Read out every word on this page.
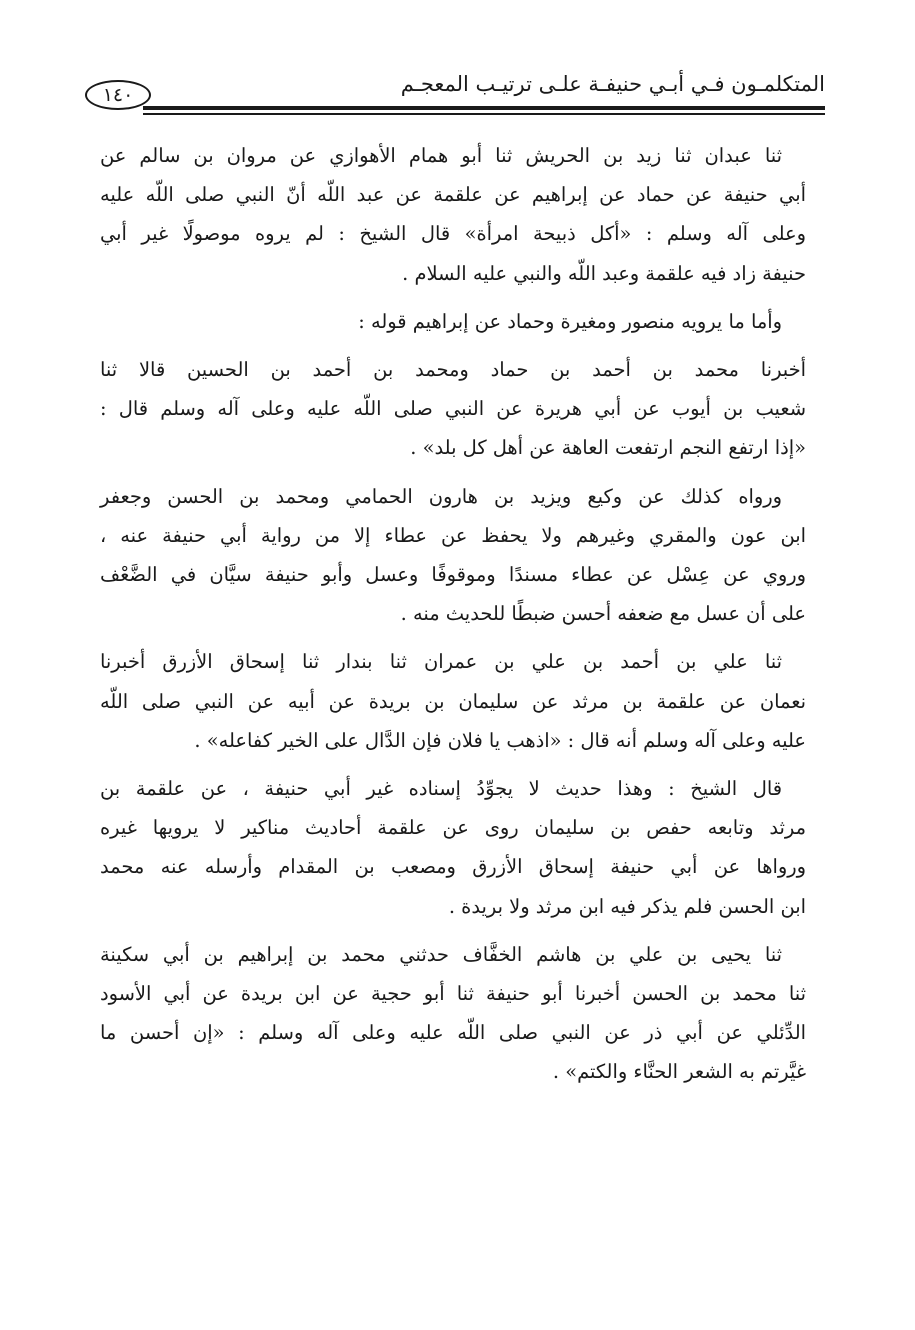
المتكلمـون فـي أبـي حنيفـة علـى ترتيـب المعجـم
١٤٠
ثنا عبدان ثنا زيد بن الحريش ثنا أبو همام الأهوازي عن مروان بن سالم عن
أبي حنيفة عن حماد عن إبراهيم عن علقمة عن عبد اللّه أنّ النبي صلى اللّه عليه
وعلى آله وسلم : «أكل ذبيحة امرأة» قال الشيخ : لم يروه موصولًا غير أبي
حنيفة زاد فيه علقمة وعبد اللّه والنبي عليه السلام .
وأما ما يرويه منصور ومغيرة وحماد عن إبراهيم قوله :
أخبرنا محمد بن أحمد بن حماد ومحمد بن أحمد بن الحسين قالا ثنا
شعيب بن أيوب عن أبي هريرة عن النبي صلى اللّه عليه وعلى آله وسلم قال :
«إذا ارتفع النجم ارتفعت العاهة عن أهل كل بلد» .
ورواه كذلك عن وكيع ويزيد بن هارون الحمامي ومحمد بن الحسن وجعفر
ابن عون والمقري وغيرهم ولا يحفظ عن عطاء إلا من رواية أبي حنيفة عنه ،
وروي عن عِسْل عن عطاء مسندًا وموقوفًا وعسل وأبو حنيفة سيَّان في الضَّعْف
على أن عسل مع ضعفه أحسن ضبطًا للحديث منه .
ثنا علي بن أحمد بن علي بن عمران ثنا بندار ثنا إسحاق الأزرق أخبرنا
نعمان عن علقمة بن مرثد عن سليمان بن بريدة عن أبيه عن النبي صلى اللّه
عليه وعلى آله وسلم أنه قال : «اذهب يا فلان فإن الدَّال على الخير كفاعله» .
قال الشيخ : وهذا حديث لا يجوِّدُ إسناده غير أبي حنيفة ، عن علقمة بن
مرثد وتابعه حفص بن سليمان روى عن علقمة أحاديث مناكير لا يرويها غيره
ورواها عن أبي حنيفة إسحاق الأزرق ومصعب بن المقدام وأرسله عنه محمد
ابن الحسن فلم يذكر فيه ابن مرثد ولا بريدة .
ثنا يحيى بن علي بن هاشم الخفَّاف حدثني محمد بن إبراهيم بن أبي سكينة
ثنا محمد بن الحسن أخبرنا أبو حنيفة ثنا أبو حجية عن ابن بريدة عن أبي الأسود
الدِّئلي عن أبي ذر عن النبي صلى اللّه عليه وعلى آله وسلم : «إن أحسن ما
غيَّرتم به الشعر الحنَّاء والكتم» .
